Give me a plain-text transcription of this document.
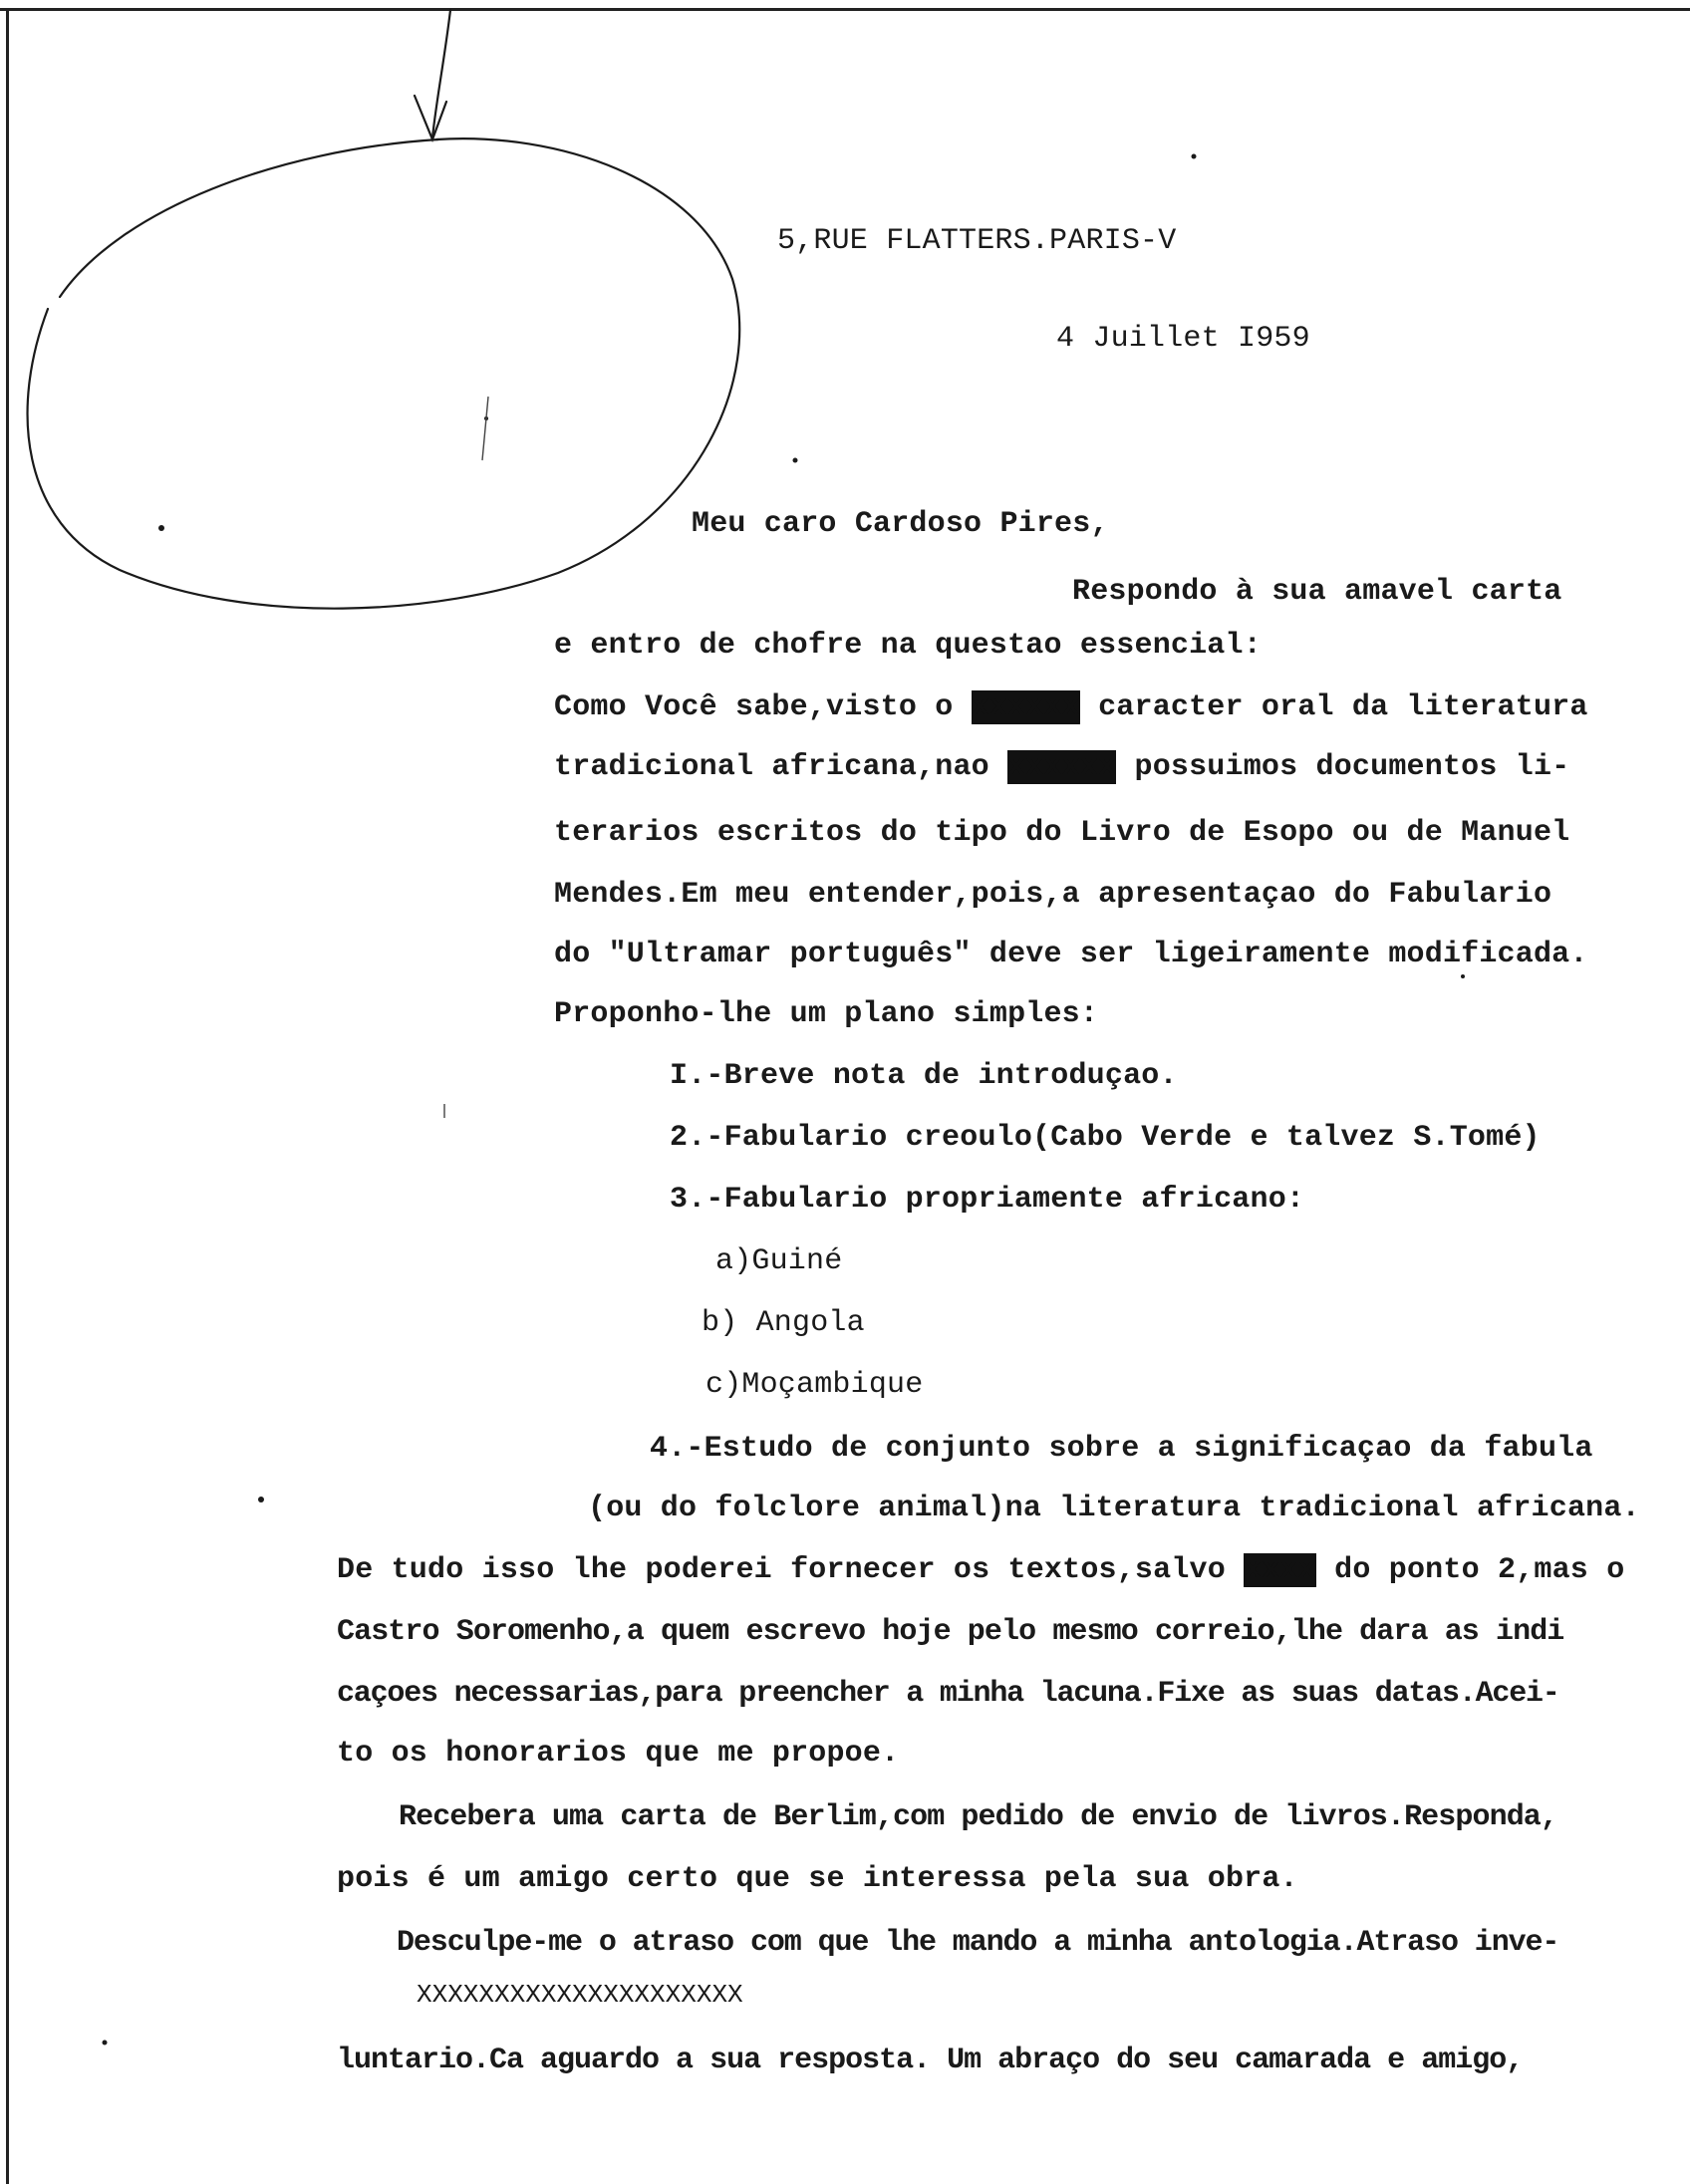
5,RUE FLATTERS.PARIS-V
4 Juillet I959
Meu caro Cardoso Pires,
Respondo à sua amavel carta
e entro de chofre na questao essencial:
Como Você sabe,visto o xxxxxx caracter oral da literatura
tradicional africana,nao xxxxxx possuimos documentos li-
terarios escritos do tipo do Livro de Esopo ou de Manuel
Mendes.Em meu entender,pois,a apresentaçao do Fabulario
do "Ultramar português" deve ser ligeiramente modificada.
Proponho-lhe um plano simples:
I.-Breve nota de introduçao.
2.-Fabulario creoulo(Cabo Verde e talvez S.Tomé)
3.-Fabulario propriamente africano:
a)Guiné
b) Angola
c)Moçambique
4.-Estudo de conjunto sobre a significaçao da fabula
(ou do folclore animal)na literatura tradicional africana.
De tudo isso lhe poderei fornecer os textos,salvo xxxx do ponto 2,mas o
Castro Soromenho,a quem escrevo hoje pelo mesmo correio,lhe dara as indi
caçoes necessarias,para preencher a minha lacuna.Fixe as suas datas.Acei-
to os honorarios que me propoe.
Recebera uma carta de Berlim,com pedido de envio de livros.Responda,
pois é um amigo certo que se interessa pela sua obra.
Desculpe-me o atraso com que lhe mando a minha antologia.Atraso inve-
XXXXXXXXXXXXXXXXXXXXX
luntario.Ca aguardo a sua resposta. Um abraço do seu camarada e amigo,
